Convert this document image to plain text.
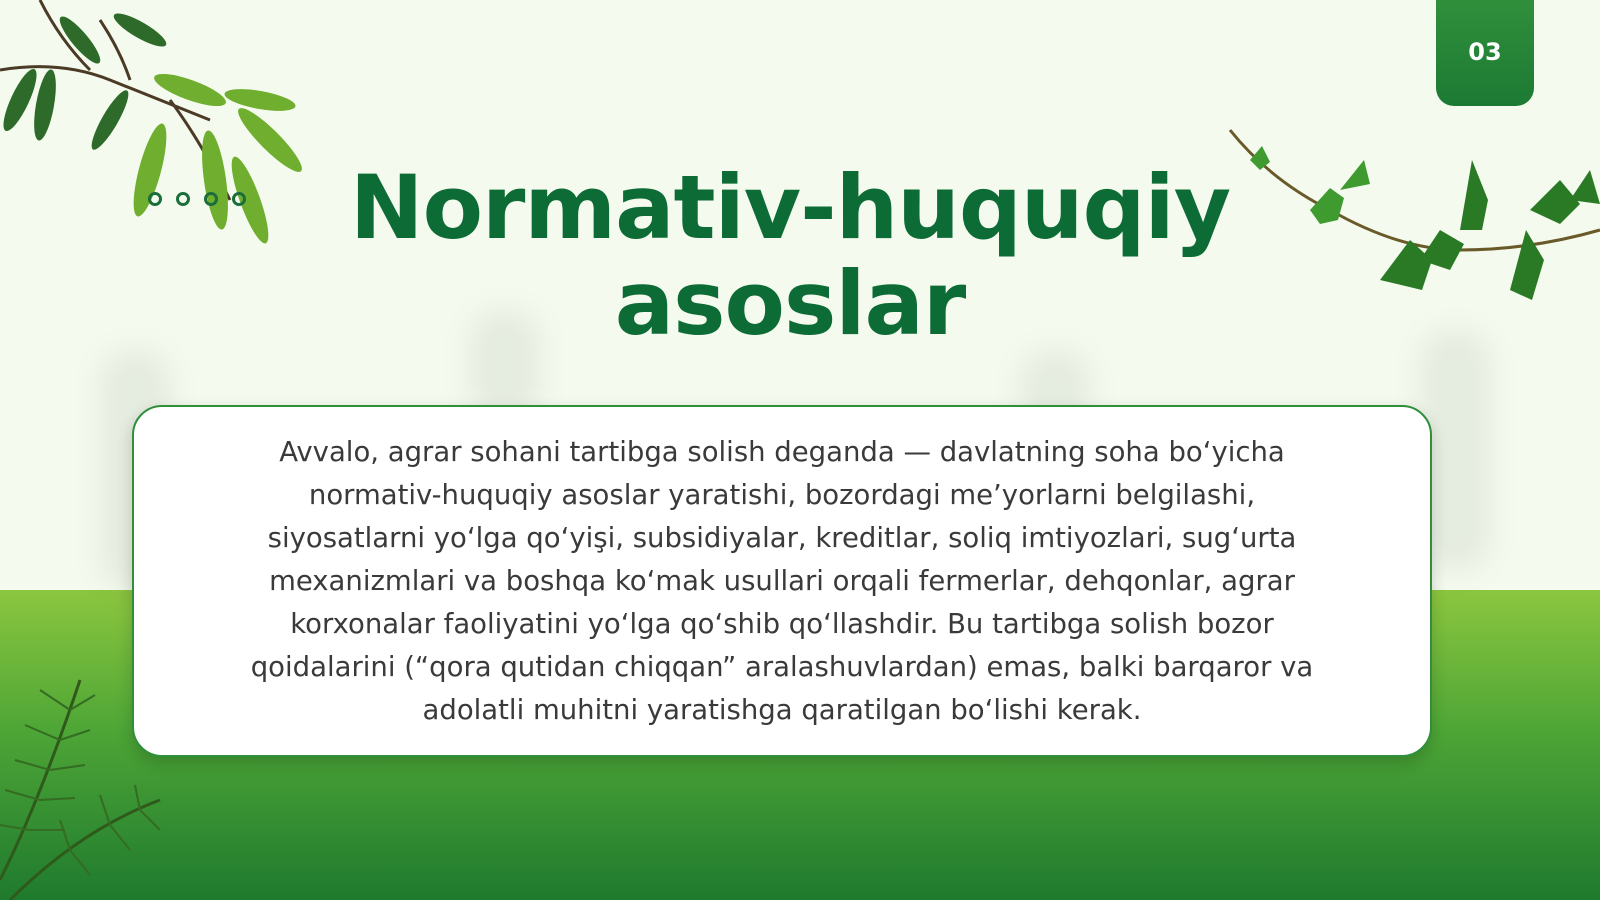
03
Normativ-huquqiy asoslar

Avvalo, agrar sohani tartibga solish deganda — davlatning soha bo‘yicha normativ-huquqiy asoslar yaratishi, bozordagi me’yorlarni belgilashi, siyosatlarni yo‘lga qo‘yişi, subsidiyalar, kreditlar, soliq imtiyozlari, sug‘urta mexanizmlari va boshqa ko‘mak usullari orqali fermerlar, dehqonlar, agrar korxonalar faoliyatini yo‘lga qo‘shib qo‘llashdir. Bu tartibga solish bozor qoidalarini (“qora qutidan chiqqan” aralashuvlardan) emas, balki barqaror va adolatli muhitni yaratishga qaratilgan bo‘lishi kerak.
